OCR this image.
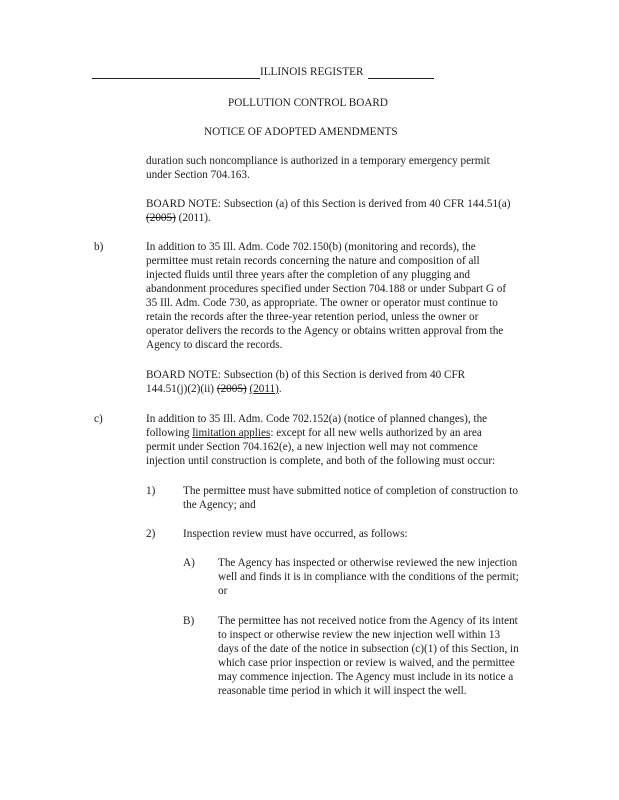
ILLINOIS REGISTER
POLLUTION CONTROL BOARD
NOTICE OF ADOPTED AMENDMENTS
duration such noncompliance is authorized in a temporary emergency permit
under Section 704.163.
BOARD NOTE: Subsection (a) of this Section is derived from 40 CFR 144.51(a)
(2005) (2011).
b)	In addition to 35 Ill. Adm. Code 702.150(b) (monitoring and records), the
permittee must retain records concerning the nature and composition of all
injected fluids until three years after the completion of any plugging and
abandonment procedures specified under Section 704.188 or under Subpart G of
35 Ill. Adm. Code 730, as appropriate. The owner or operator must continue to
retain the records after the three-year retention period, unless the owner or
operator delivers the records to the Agency or obtains written approval from the
Agency to discard the records.
BOARD NOTE: Subsection (b) of this Section is derived from 40 CFR
144.51(j)(2)(ii) (2005) (2011).
c)	In addition to 35 Ill. Adm. Code 702.152(a) (notice of planned changes), the
following limitation applies: except for all new wells authorized by an area
permit under Section 704.162(e), a new injection well may not commence
injection until construction is complete, and both of the following must occur:
1) The permittee must have submitted notice of completion of construction to
the Agency; and
2) Inspection review must have occurred, as follows:
A) The Agency has inspected or otherwise reviewed the new injection
well and finds it is in compliance with the conditions of the permit;
or
B) The permittee has not received notice from the Agency of its intent
to inspect or otherwise review the new injection well within 13
days of the date of the notice in subsection (c)(1) of this Section, in
which case prior inspection or review is waived, and the permittee
may commence injection. The Agency must include in its notice a
reasonable time period in which it will inspect the well.
